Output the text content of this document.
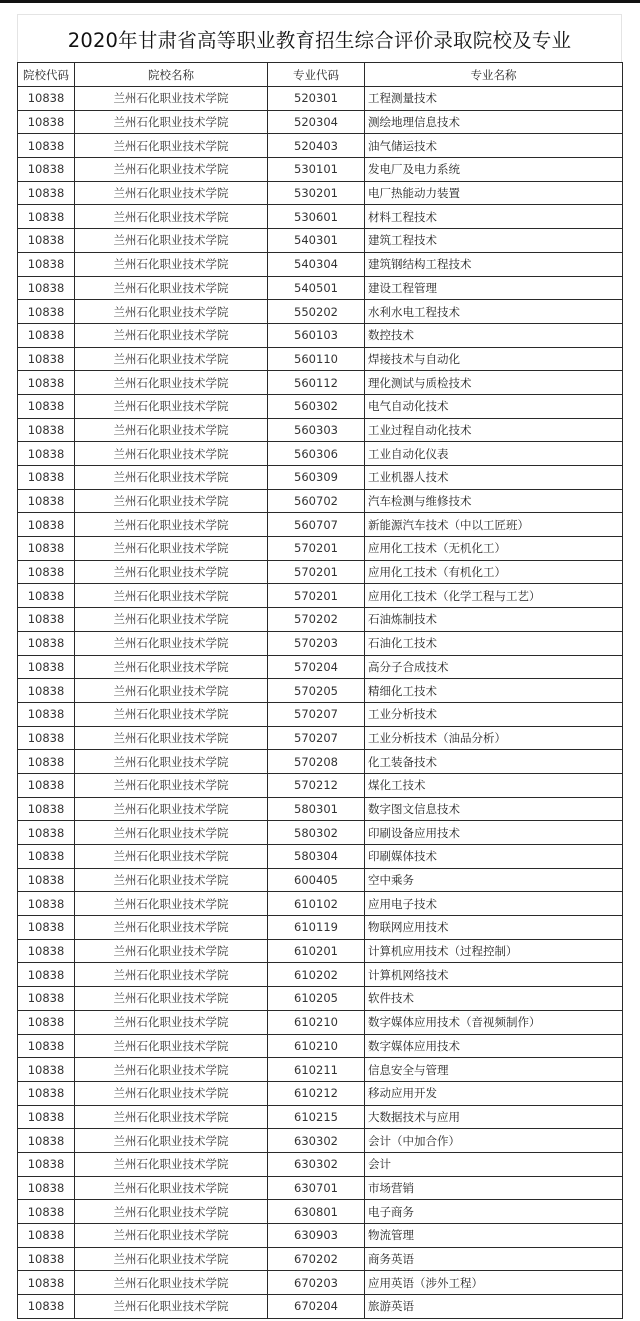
2020年甘肃省高等职业教育招生综合评价录取院校及专业
院校代码	院校名称	专业代码	专业名称
10838	兰州石化职业技术学院	520301	工程测量技术
10838	兰州石化职业技术学院	520304	测绘地理信息技术
10838	兰州石化职业技术学院	520403	油气储运技术
10838	兰州石化职业技术学院	530101	发电厂及电力系统
10838	兰州石化职业技术学院	530201	电厂热能动力装置
10838	兰州石化职业技术学院	530601	材料工程技术
10838	兰州石化职业技术学院	540301	建筑工程技术
10838	兰州石化职业技术学院	540304	建筑钢结构工程技术
10838	兰州石化职业技术学院	540501	建设工程管理
10838	兰州石化职业技术学院	550202	水利水电工程技术
10838	兰州石化职业技术学院	560103	数控技术
10838	兰州石化职业技术学院	560110	焊接技术与自动化
10838	兰州石化职业技术学院	560112	理化测试与质检技术
10838	兰州石化职业技术学院	560302	电气自动化技术
10838	兰州石化职业技术学院	560303	工业过程自动化技术
10838	兰州石化职业技术学院	560306	工业自动化仪表
10838	兰州石化职业技术学院	560309	工业机器人技术
10838	兰州石化职业技术学院	560702	汽车检测与维修技术
10838	兰州石化职业技术学院	560707	新能源汽车技术（中以工匠班）
10838	兰州石化职业技术学院	570201	应用化工技术（无机化工）
10838	兰州石化职业技术学院	570201	应用化工技术（有机化工）
10838	兰州石化职业技术学院	570201	应用化工技术（化学工程与工艺）
10838	兰州石化职业技术学院	570202	石油炼制技术
10838	兰州石化职业技术学院	570203	石油化工技术
10838	兰州石化职业技术学院	570204	高分子合成技术
10838	兰州石化职业技术学院	570205	精细化工技术
10838	兰州石化职业技术学院	570207	工业分析技术
10838	兰州石化职业技术学院	570207	工业分析技术（油品分析）
10838	兰州石化职业技术学院	570208	化工装备技术
10838	兰州石化职业技术学院	570212	煤化工技术
10838	兰州石化职业技术学院	580301	数字图文信息技术
10838	兰州石化职业技术学院	580302	印刷设备应用技术
10838	兰州石化职业技术学院	580304	印刷媒体技术
10838	兰州石化职业技术学院	600405	空中乘务
10838	兰州石化职业技术学院	610102	应用电子技术
10838	兰州石化职业技术学院	610119	物联网应用技术
10838	兰州石化职业技术学院	610201	计算机应用技术（过程控制）
10838	兰州石化职业技术学院	610202	计算机网络技术
10838	兰州石化职业技术学院	610205	软件技术
10838	兰州石化职业技术学院	610210	数字媒体应用技术（音视频制作）
10838	兰州石化职业技术学院	610210	数字媒体应用技术
10838	兰州石化职业技术学院	610211	信息安全与管理
10838	兰州石化职业技术学院	610212	移动应用开发
10838	兰州石化职业技术学院	610215	大数据技术与应用
10838	兰州石化职业技术学院	630302	会计（中加合作）
10838	兰州石化职业技术学院	630302	会计
10838	兰州石化职业技术学院	630701	市场营销
10838	兰州石化职业技术学院	630801	电子商务
10838	兰州石化职业技术学院	630903	物流管理
10838	兰州石化职业技术学院	670202	商务英语
10838	兰州石化职业技术学院	670203	应用英语（涉外工程）
10838	兰州石化职业技术学院	670204	旅游英语
